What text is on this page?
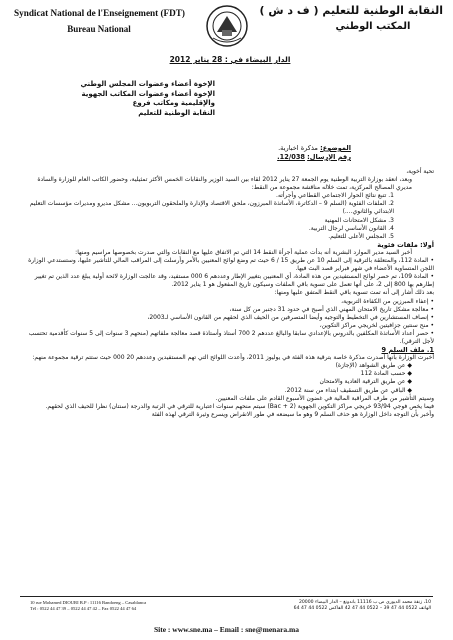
Syndicat National de l'Enseignement (FDT)
Bureau National
النقابة الوطنية للتعليم ( ف د ش )
المكتب الوطني
الدار البيضاء في : 28 يناير 2012
الإخوة أعضاء وعضوات المجلس الوطني
الإخوة أعضاء وعضوات المكاتب الجهوية
والإقليمية ومكاتب فروع
النقابة الوطنية للتعليم
الموضوع: مذكرة اخبارية.
رقم الإرسال: 12/038.

تحية أخوية،

وبعد، انعقد بوزارة التربية الوطنية يوم الجمعة 27 يناير 2012 لقاء بين السيد الوزير والنقابات الخمس الأكثر تمثيلية، وحضور الكاتب العام للوزارة والسادة مديري المصالح المركزية، تمت خلاله مناقشة مجموعة من النقط:

1. تتبع نتائج الحوار الاجتماعي القطاعي وأجرأته.

2. الملفات الفئوية (السلم 9 – الدكاترة، الأساتذة المبرزون، ملحق الاقتصاد والإدارة والملحقون التربويون... مشكل مديرو ومديرات مؤسسات التعليم الابتدائي والثانوي....)

3. مشكل الامتحانات المهنية

4. القانون الأساسي لرجال التربية.

5. المجلس الأعلى للتعليم.

أولا: ملفات فئوية

أخبر السيد مدير الموارد البشرية أنه بدأت عملية أجرأة النقط 14 التي تم الاتفاق عليها مع النقابات والتي صدرت بخصوصها مراسيم ومنها:

• المادة 112، والمتعلقة بالترقية إلى السلم 10 عن طريق 15 / 6 حيث تم وضع لوائح المعنيين بالأمر وأرسلت إلى المراقب المالي للتأشير عليها، وستستدعي الوزارة اللجن المتساوية الأعضاء في شهر فبراير قصد البث فيها.

• المادة 109، تم حصر لوائح المستفيدين من هذه المادة، أي المعنيين بتغيير الإطار وعددهم 6 000 مستفيد، وقد عالجت الوزارة لائحة أولية يبلغ عدد الذين تم تغيير إطارهم بها 800 إلى 2، على أنها تعمل على تسوية باقي الملفات وسيكون تاريخ المفعول هو 1 يناير 2012.

بعد ذلك أشار إلى أنه تمت تسوية باقي النقط المتفق عليها ومنها:

• إعفاء المبرزين من الكفاءة التربوية،

• معالجة مشكل تاريخ الامتحان المهني الذي أصبح في حدود 31 دجنبر من كل سنة،

• إنصاف المستشارين في التخطيط والتوجيه وأيضا المتصرفين من الحيف الذي لحقهم من القانون الأساسي لـ2003،

• منح سنتين جزافيتين لخريجي مراكز التكوين،

• حصر أعداد الأساتذة المكلفين بالدروس بالإعدادي سابقا والبالغ عددهم 2 700 أستاذ وأستاذة قصد معالجة ملفاتهم (منحهم 3 سنوات إلى 5 سنوات كأقدمية تحتسب لأجل الترقي).

1. ملف السلم 9

أخبرت الوزارة بأنها أصدرت مذكرة خاصة بترقية هذه الفئة في يوليوز 2011، وأعدت اللوائح التي تهم المستفيدين وعددهم 20 000 حيث ستتم ترقية مجموعة منهم:

◆ عن طريق الشواهد (الإجازة)

◆ حسب المادة 112

◆ عن طريق الترقية العادية والامتحان

◆ الباقي عن طريق التسقيف ابتداء من سنة 2012.

وسيتم التأشير من طرف المراقبة المالية في غضون الأسبوع القادم على ملفات المعنيين.

فيما يخص فوجي 93/94 خريجي مراكز التكوين الجهوية (2 + Bac) سيتم منحهم سنوات اعتبارية للترقي في الرتبة والدرجة (سنتان) نظرا للحيف الذي لحقهم.

وأخبر بأن التوجه داخل الوزارة هو حذف السلم 9 وهو ما سيضعه في طور الانقراض ويسرع وثيرة الترقي لهذه الفئة

10 rue Mohamed DIOURI B.P : 11116 Bandoeng – Casablanca
Tél : 0522 44 47 39 – 0522 44 47 42 – Fax 0522 44 47 64
10، زنقة محمد الديوري ص.ب 11116 باندونغ – الدار البيضاء 20000
الهاتف 0522 44 47 39 – 0522 44 47 42 الفاكس 0522 44 47 64
Site : www.sne.ma – Email : sne@menara.ma
